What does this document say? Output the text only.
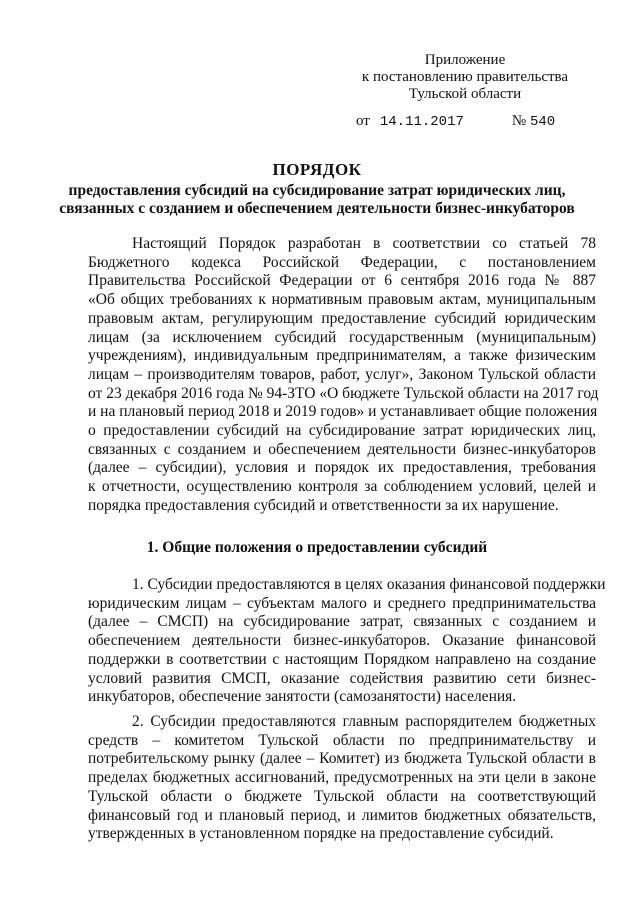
Приложение
к постановлению правительства
Тульской области
от 14.11.2017	№ 540
ПОРЯДОК
предоставления субсидий на субсидирование затрат юридических лиц,
связанных с созданием и обеспечением деятельности бизнес-инкубаторов
Настоящий Порядок разработан в соответствии со статьей 78
Бюджетного кодекса Российской Федерации, с постановлением
Правительства Российской Федерации от 6 сентября 2016 года № 887
«Об общих требованиях к нормативным правовым актам, муниципальным
правовым актам, регулирующим предоставление субсидий юридическим
лицам (за исключением субсидий государственным (муниципальным)
учреждениям), индивидуальным предпринимателям, а также физическим
лицам – производителям товаров, работ, услуг», Законом Тульской области
от 23 декабря 2016 года № 94-ЗТО «О бюджете Тульской области на 2017 год
и на плановый период 2018 и 2019 годов» и устанавливает общие положения
о предоставлении субсидий на субсидирование затрат юридических лиц,
связанных с созданием и обеспечением деятельности бизнес-инкубаторов
(далее – субсидии), условия и порядок их предоставления, требования
к отчетности, осуществлению контроля за соблюдением условий, целей и
порядка предоставления субсидий и ответственности за их нарушение.
1. Общие положения о предоставлении субсидий
1. Субсидии предоставляются в целях оказания финансовой поддержки
юридическим лицам – субъектам малого и среднего предпринимательства
(далее – СМСП) на субсидирование затрат, связанных с созданием и
обеспечением деятельности бизнес-инкубаторов. Оказание финансовой
поддержки в соответствии с настоящим Порядком направлено на создание
условий развития СМСП, оказание содействия развитию сети бизнес-
инкубаторов, обеспечение занятости (самозанятости) населения.
2. Субсидии предоставляются главным распорядителем бюджетных
средств – комитетом Тульской области по предпринимательству и
потребительскому рынку (далее – Комитет) из бюджета Тульской области в
пределах бюджетных ассигнований, предусмотренных на эти цели в законе
Тульской области о бюджете Тульской области на соответствующий
финансовый год и плановый период, и лимитов бюджетных обязательств,
утвержденных в установленном порядке на предоставление субсидий.
